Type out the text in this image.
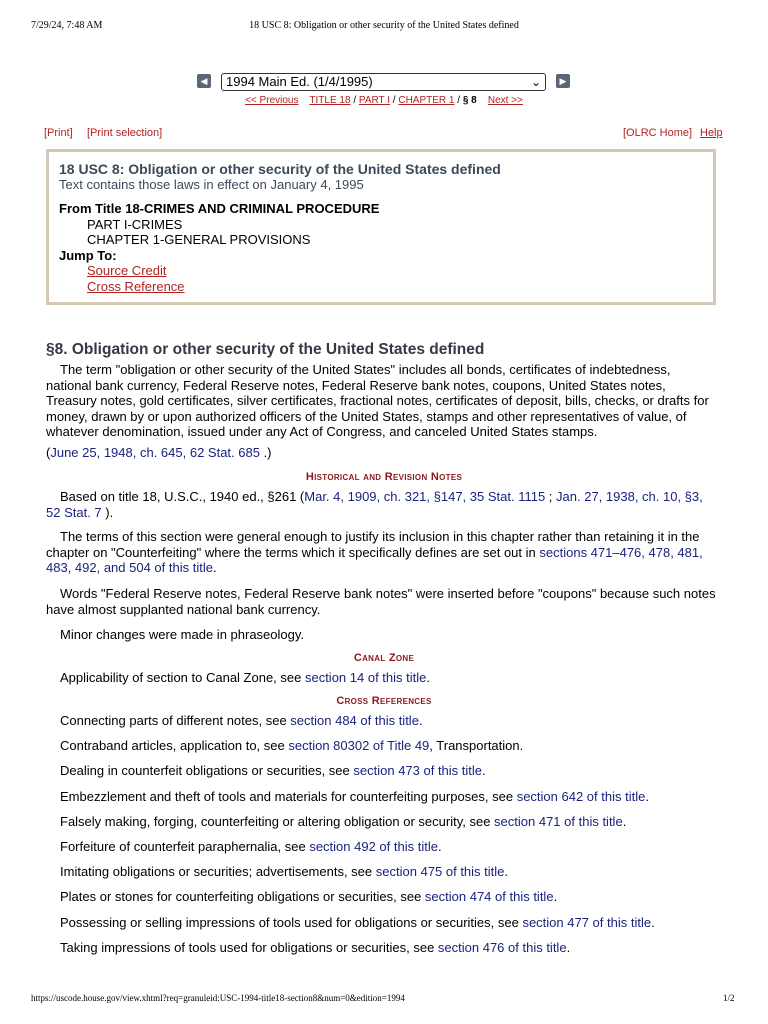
7/29/24, 7:48 AM	18 USC 8: Obligation or other security of the United States defined
◀	1994 Main Ed. (1/4/1995)	⌄	▶
<< Previous TITLE 18 / PART I / CHAPTER 1 / § 8 Next >>
[Print] [Print selection]	[OLRC Home] Help
18 USC 8: Obligation or other security of the United States defined
Text contains those laws in effect on January 4, 1995
From Title 18-CRIMES AND CRIMINAL PROCEDURE
PART I-CRIMES
CHAPTER 1-GENERAL PROVISIONS
Jump To:
Source Credit
Cross Reference
§8. Obligation or other security of the United States defined

The term "obligation or other security of the United States" includes all bonds, certificates of indebtedness, national bank currency, Federal Reserve notes, Federal Reserve bank notes, coupons, United States notes, Treasury notes, gold certificates, silver certificates, fractional notes, certificates of deposit, bills, checks, or drafts for money, drawn by or upon authorized officers of the United States, stamps and other representatives of value, of whatever denomination, issued under any Act of Congress, and canceled United States stamps.

(June 25, 1948, ch. 645, 62 Stat. 685 .)

Historical and Revision Notes

Based on title 18, U.S.C., 1940 ed., §261 (Mar. 4, 1909, ch. 321, §147, 35 Stat. 1115 ; Jan. 27, 1938, ch. 10, §3, 52 Stat. 7 ).

The terms of this section were general enough to justify its inclusion in this chapter rather than retaining it in the chapter on "Counterfeiting" where the terms which it specifically defines are set out in sections 471–476, 478, 481, 483, 492, and 504 of this title.

Words "Federal Reserve notes, Federal Reserve bank notes" were inserted before "coupons" because such notes have almost supplanted national bank currency.

Minor changes were made in phraseology.

Canal Zone
Applicability of section to Canal Zone, see section 14 of this title.
Cross References
Connecting parts of different notes, see section 484 of this title.
Contraband articles, application to, see section 80302 of Title 49, Transportation.
Dealing in counterfeit obligations or securities, see section 473 of this title.
Embezzlement and theft of tools and materials for counterfeiting purposes, see section 642 of this title.
Falsely making, forging, counterfeiting or altering obligation or security, see section 471 of this title.
Forfeiture of counterfeit paraphernalia, see section 492 of this title.
Imitating obligations or securities; advertisements, see section 475 of this title.
Plates or stones for counterfeiting obligations or securities, see section 474 of this title.
Possessing or selling impressions of tools used for obligations or securities, see section 477 of this title.
Taking impressions of tools used for obligations or securities, see section 476 of this title.
https://uscode.house.gov/view.xhtml?req=granuleid:USC-1994-title18-section8&num=0&edition=1994	1/2
